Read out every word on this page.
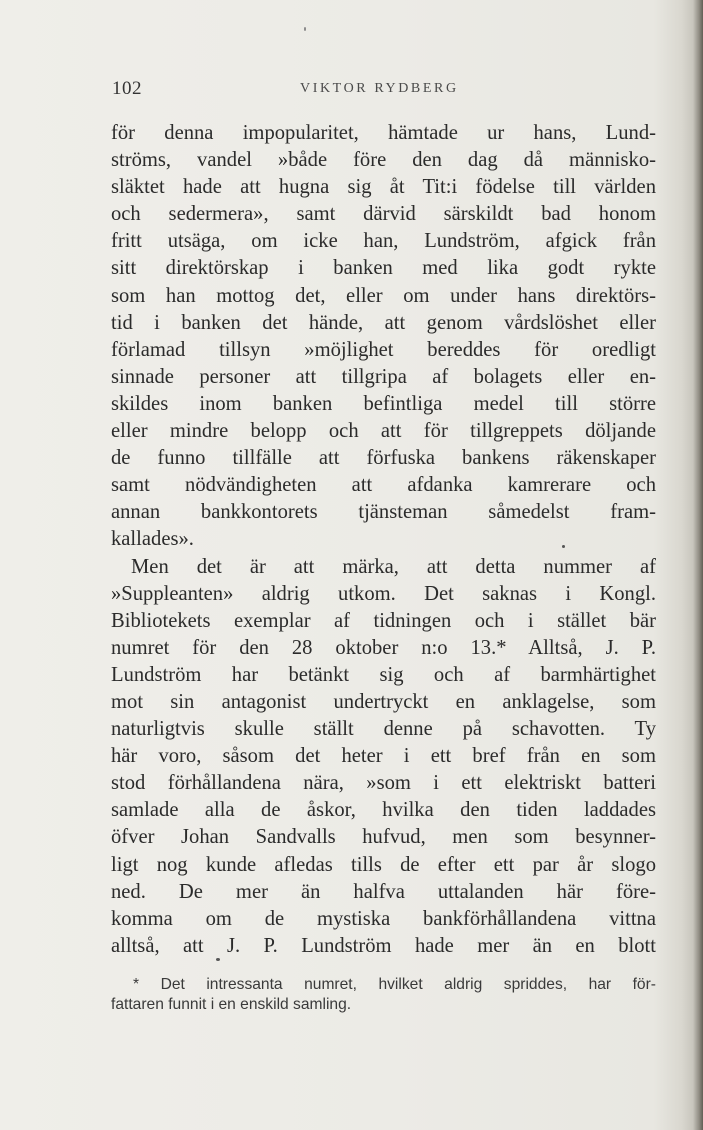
102	VIKTOR RYDBERG
för denna impopularitet, hämtade ur hans, Lund-
ströms, vandel »både före den dag då människo-
släktet hade att hugna sig åt Tit:i födelse till världen
och sedermera», samt därvid särskildt bad honom
fritt utsäga, om icke han, Lundström, afgick från
sitt direktörskap i banken med lika godt rykte
som han mottog det, eller om under hans direktörs-
tid i banken det hände, att genom vårdslöshet eller
förlamad tillsyn »möjlighet bereddes för oredligt
sinnade personer att tillgripa af bolagets eller en-
skildes inom banken befintliga medel till större
eller mindre belopp och att för tillgreppets döljande
de funno tillfälle att förfuska bankens räkenskaper
samt nödvändigheten att afdanka kamrerare och
annan bankkontorets tjänsteman såmedelst fram-
kallades».
Men det är att märka, att detta nummer af
»Suppleanten» aldrig utkom. Det saknas i Kongl.
Bibliotekets exemplar af tidningen och i stället bär
numret för den 28 oktober n:o 13.* Alltså, J. P.
Lundström har betänkt sig och af barmhärtighet
mot sin antagonist undertryckt en anklagelse, som
naturligtvis skulle ställt denne på schavotten. Ty
här voro, såsom det heter i ett bref från en som
stod förhållandena nära, »som i ett elektriskt batteri
samlade alla de åskor, hvilka den tiden laddades
öfver Johan Sandvalls hufvud, men som besynner-
ligt nog kunde afledas tills de efter ett par år slogo
ned. De mer än halfva uttalanden här före-
komma om de mystiska bankförhållandena vittna
alltså, att J. P. Lundström hade mer än en blott
* Det intressanta numret, hvilket aldrig spriddes, har för-
fattaren funnit i en enskild samling.
